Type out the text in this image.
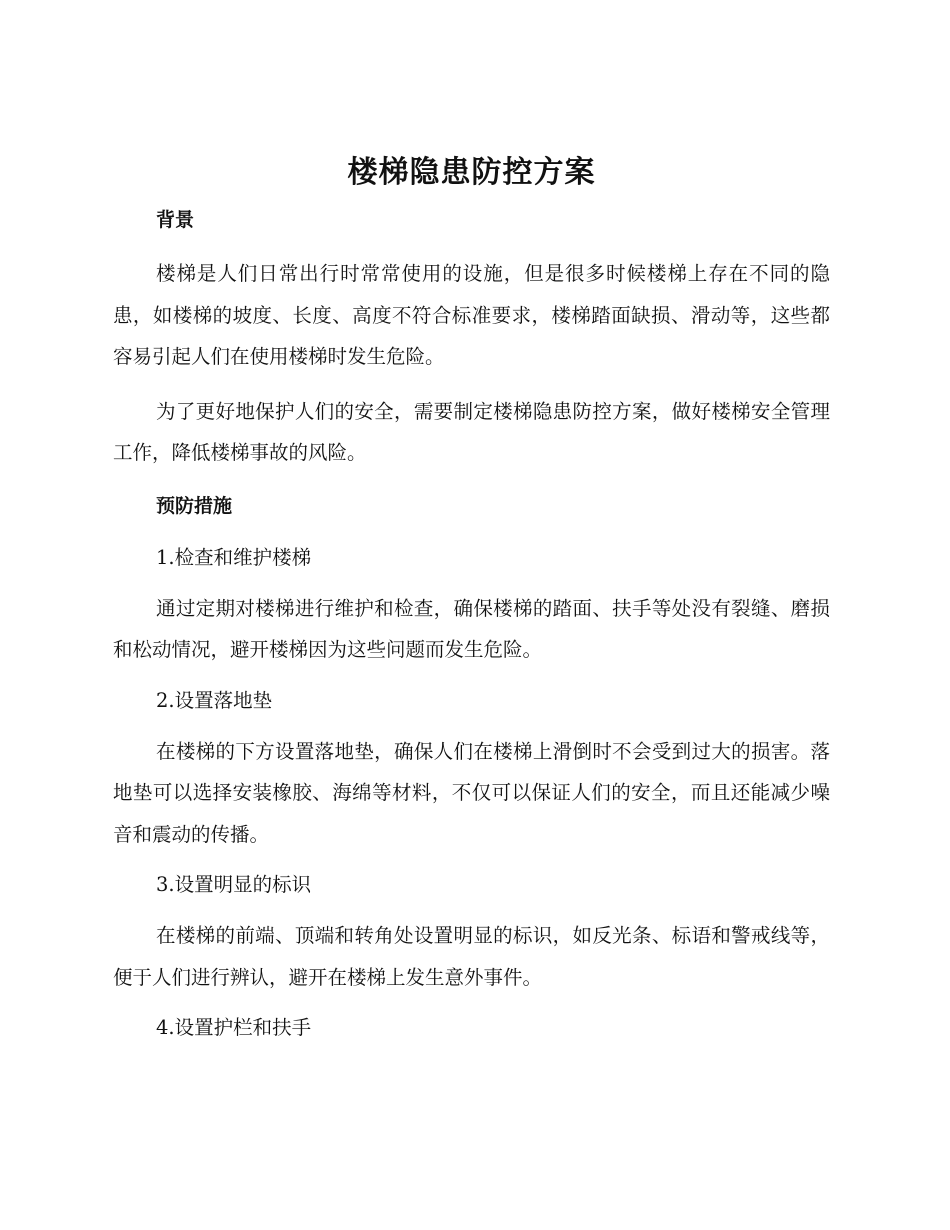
楼梯隐患防控方案
背景

楼梯是人们日常出行时常常使用的设施，但是很多时候楼梯上存在不同的隐患，如楼梯的坡度、长度、高度不符合标准要求，楼梯踏面缺损、滑动等，这些都容易引起人们在使用楼梯时发生危险。

为了更好地保护人们的安全，需要制定楼梯隐患防控方案，做好楼梯安全管理工作，降低楼梯事故的风险。

预防措施

1.检查和维护楼梯

通过定期对楼梯进行维护和检查，确保楼梯的踏面、扶手等处没有裂缝、磨损和松动情况，避开楼梯因为这些问题而发生危险。

2.设置落地垫

在楼梯的下方设置落地垫，确保人们在楼梯上滑倒时不会受到过大的损害。落地垫可以选择安装橡胶、海绵等材料，不仅可以保证人们的安全，而且还能减少噪音和震动的传播。

3.设置明显的标识

在楼梯的前端、顶端和转角处设置明显的标识，如反光条、标语和警戒线等，便于人们进行辨认，避开在楼梯上发生意外事件。

4.设置护栏和扶手
